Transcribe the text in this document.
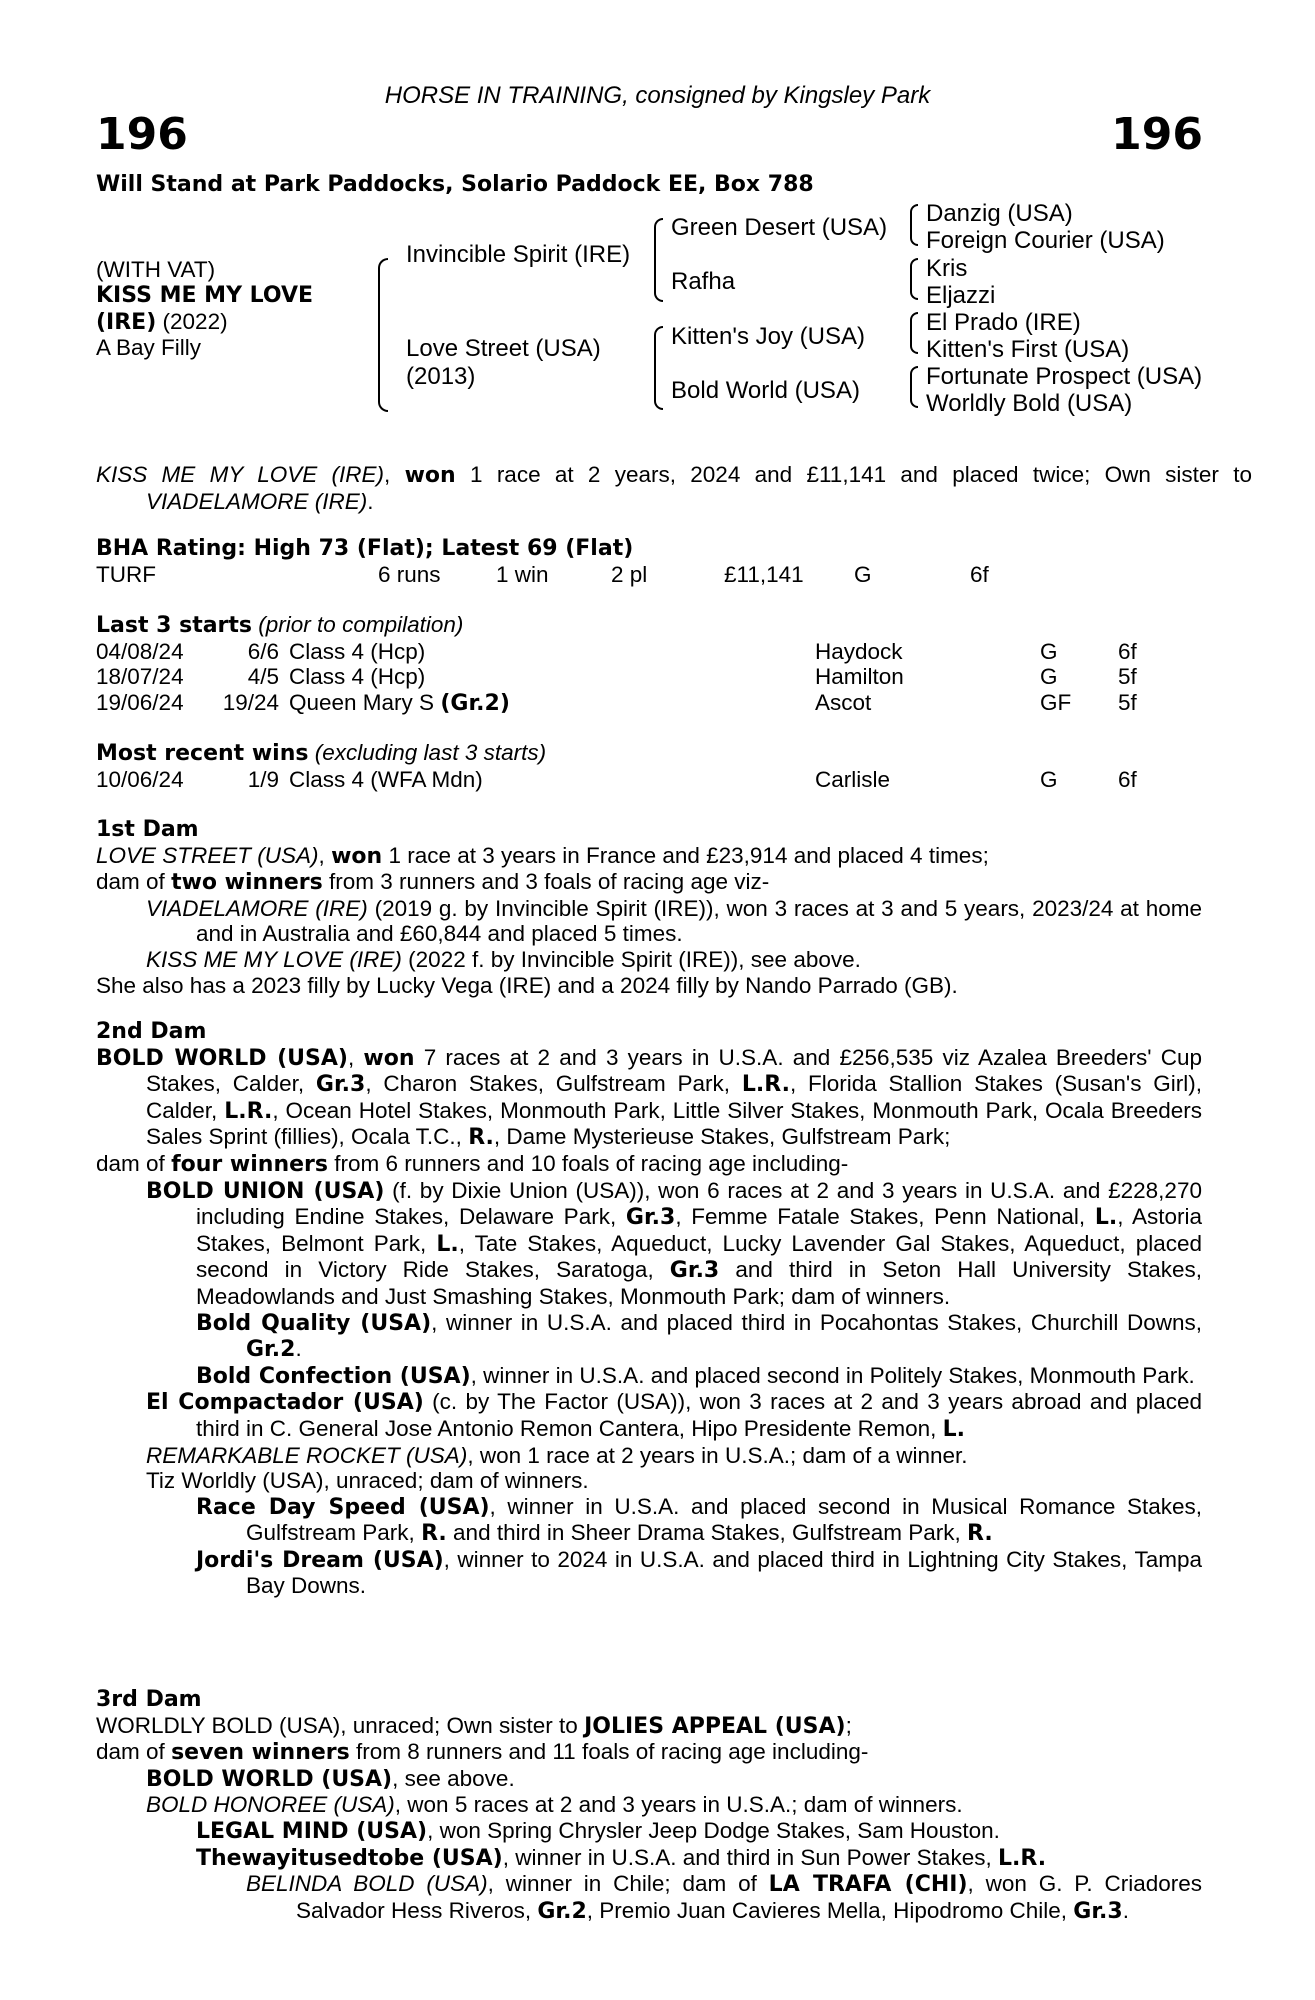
HORSE IN TRAINING, consigned by Kingsley Park
196	196
Will Stand at Park Paddocks, Solario Paddock EE, Box 788
(WITH VAT)
KISS ME MY LOVE
(IRE) (2022)
A Bay Filly
Invincible Spirit (IRE)
Love Street (USA)
(2013)
Green Desert (USA)
Rafha
Kitten's Joy (USA)
Bold World (USA)
Danzig (USA)
Foreign Courier (USA)
Kris
Eljazzi
El Prado (IRE)
Kitten's First (USA)
Fortunate Prospect (USA)
Worldly Bold (USA)
KISS ME MY LOVE (IRE), won 1 race at 2 years, 2024 and £11,141 and placed twice; Own sister to VIADELAMORE (IRE).
BHA Rating: High 73 (Flat); Latest 69 (Flat)
TURF	6 runs 1 win	2 pl	£11,141 G	6f
Last 3 starts (prior to compilation)
04/08/24	6/6 Class 4 (Hcp)	Haydock	G	6f
18/07/24	4/5 Class 4 (Hcp)	Hamilton	G	5f
19/06/24 19/24 Queen Mary S (Gr.2)	Ascot	GF 5f
Most recent wins (excluding last 3 starts)
10/06/24	1/9 Class 4 (WFA Mdn)	Carlisle	G	6f
1st Dam
LOVE STREET (USA), won 1 race at 3 years in France and £23,914 and placed 4 times;
dam of two winners from 3 runners and 3 foals of racing age viz-
VIADELAMORE (IRE) (2019 g. by Invincible Spirit (IRE)), won 3 races at 3 and 5 years, 2023/24 at home and in Australia and £60,844 and placed 5 times.
KISS ME MY LOVE (IRE) (2022 f. by Invincible Spirit (IRE)), see above.
She also has a 2023 filly by Lucky Vega (IRE) and a 2024 filly by Nando Parrado (GB).
2nd Dam
BOLD WORLD (USA), won 7 races at 2 and 3 years in U.S.A. and £256,535 viz Azalea Breeders' Cup Stakes, Calder, Gr.3, Charon Stakes, Gulfstream Park, L.R., Florida Stallion Stakes (Susan's Girl), Calder, L.R., Ocean Hotel Stakes, Monmouth Park, Little Silver Stakes, Monmouth Park, Ocala Breeders Sales Sprint (fillies), Ocala T.C., R., Dame Mysterieuse Stakes, Gulfstream Park;
dam of four winners from 6 runners and 10 foals of racing age including-
BOLD UNION (USA) (f. by Dixie Union (USA)), won 6 races at 2 and 3 years in U.S.A. and £228,270 including Endine Stakes, Delaware Park, Gr.3, Femme Fatale Stakes, Penn National, L., Astoria Stakes, Belmont Park, L., Tate Stakes, Aqueduct, Lucky Lavender Gal Stakes, Aqueduct, placed second in Victory Ride Stakes, Saratoga, Gr.3 and third in Seton Hall University Stakes, Meadowlands and Just Smashing Stakes, Monmouth Park; dam of winners.
Bold Quality (USA), winner in U.S.A. and placed third in Pocahontas Stakes, Churchill Downs, Gr.2.
Bold Confection (USA), winner in U.S.A. and placed second in Politely Stakes, Monmouth Park.
El Compactador (USA) (c. by The Factor (USA)), won 3 races at 2 and 3 years abroad and placed third in C. General Jose Antonio Remon Cantera, Hipo Presidente Remon, L.
REMARKABLE ROCKET (USA), won 1 race at 2 years in U.S.A.; dam of a winner.
Tiz Worldly (USA), unraced; dam of winners.
Race Day Speed (USA), winner in U.S.A. and placed second in Musical Romance Stakes, Gulfstream Park, R. and third in Sheer Drama Stakes, Gulfstream Park, R.
Jordi's Dream (USA), winner to 2024 in U.S.A. and placed third in Lightning City Stakes, Tampa Bay Downs.
3rd Dam
WORLDLY BOLD (USA), unraced; Own sister to JOLIES APPEAL (USA);
dam of seven winners from 8 runners and 11 foals of racing age including-
BOLD WORLD (USA), see above.
BOLD HONOREE (USA), won 5 races at 2 and 3 years in U.S.A.; dam of winners.
LEGAL MIND (USA), won Spring Chrysler Jeep Dodge Stakes, Sam Houston.
Thewayitusedtobe (USA), winner in U.S.A. and third in Sun Power Stakes, L.R.
BELINDA BOLD (USA), winner in Chile; dam of LA TRAFA (CHI), won G. P. Criadores Salvador Hess Riveros, Gr.2, Premio Juan Cavieres Mella, Hipodromo Chile, Gr.3.
